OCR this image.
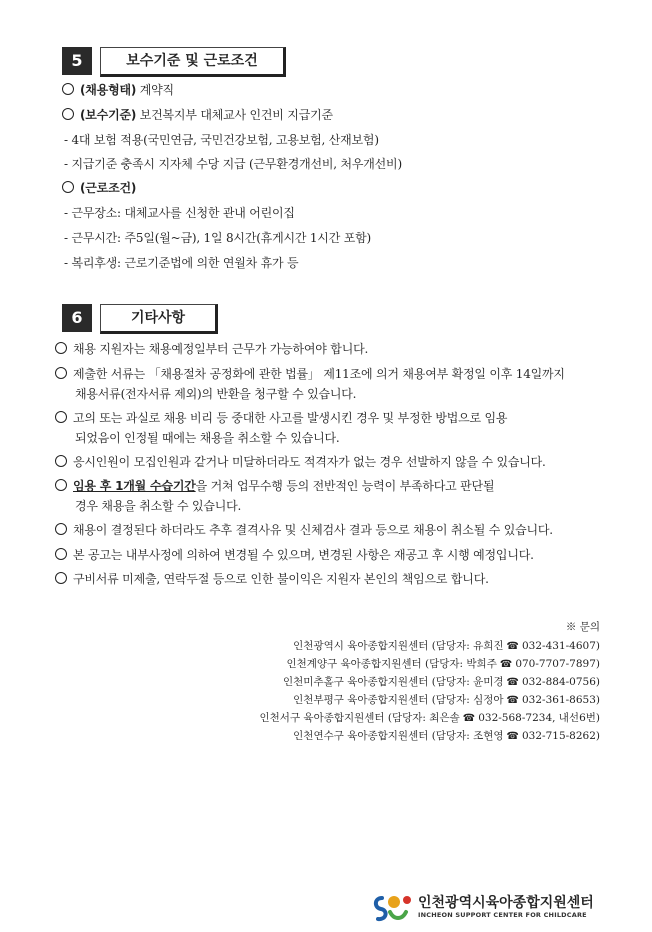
5	보수기준 및 근로조건
(채용형태) 계약직
(보수기준) 보건복지부 대체교사 인건비 지급기준
- 4대 보험 적용(국민연금, 국민건강보험, 고용보험, 산재보험)
- 지급기준 충족시 지자체 수당 지급 (근무환경개선비, 처우개선비)
(근로조건)
- 근무장소: 대체교사를 신청한 관내 어린이집
- 근무시간: 주5일(월~금), 1일 8시간(휴게시간 1시간 포함)
- 복리후생: 근로기준법에 의한 연월차 휴가 등
6	기타사항
채용 지원자는 채용예정일부터 근무가 가능하여야 합니다.
제출한 서류는 「채용절차 공정화에 관한 법률」 제11조에 의거 채용여부 확정일 이후 14일까지
채용서류(전자서류 제외)의 반환을 청구할 수 있습니다.
고의 또는 과실로 채용 비리 등 중대한 사고를 발생시킨 경우 및 부정한 방법으로 임용
되었음이 인정될 때에는 채용을 취소할 수 있습니다.
응시인원이 모집인원과 같거나 미달하더라도 적격자가 없는 경우 선발하지 않을 수 있습니다.
임용 후 1개월 수습기간을 거쳐 업무수행 등의 전반적인 능력이 부족하다고 판단될
경우 채용을 취소할 수 있습니다.
채용이 결정된다 하더라도 추후 결격사유 및 신체검사 결과 등으로 채용이 취소될 수 있습니다.
본 공고는 내부사정에 의하여 변경될 수 있으며, 변경된 사항은 재공고 후 시행 예정입니다.
구비서류 미제출, 연락두절 등으로 인한 불이익은 지원자 본인의 책임으로 합니다.
※ 문의
인천광역시 육아종합지원센터 (담당자: 유희진 ☎ 032-431-4607)
인천계양구 육아종합지원센터 (담당자: 박희주 ☎ 070-7707-7897)
인천미추홀구 육아종합지원센터 (담당자: 윤미경 ☎ 032-884-0756)
인천부평구 육아종합지원센터 (담당자: 심정아 ☎ 032-361-8653)
인천서구 육아종합지원센터 (담당자: 최은솔 ☎ 032-568-7234, 내선6번)
인천연수구 육아종합지원센터 (담당자: 조현영 ☎ 032-715-8262)
인천광역시육아종합지원센터
INCHEON SUPPORT CENTER FOR CHILDCARE
